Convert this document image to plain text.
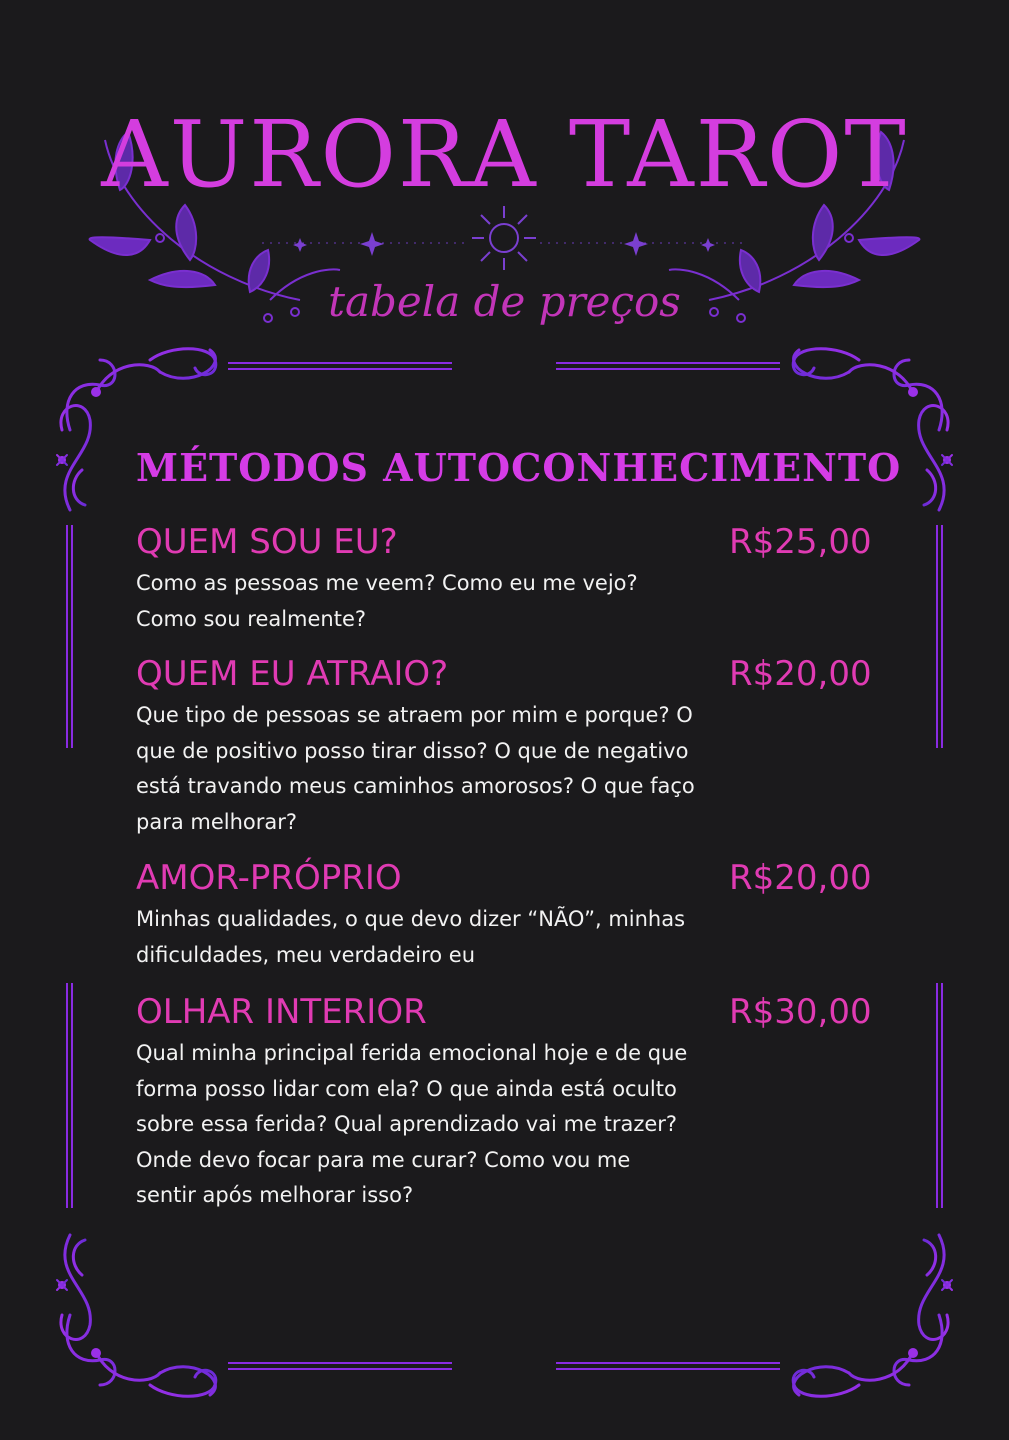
AURORA TAROT
tabela de preços
MÉTODOS AUTOCONHECIMENTO
QUEM SOU EU?	R$25,00

Como as pessoas me veem? Como eu me vejo? Como sou realmente?

QUEM EU ATRAIO?	R$20,00

Que tipo de pessoas se atraem por mim e porque? O que de positivo posso tirar disso? O que de negativo está travando meus caminhos amorosos? O que faço para melhorar?

AMOR-PRÓPRIO	R$20,00

Minhas qualidades, o que devo dizer “NÃO”, minhas dificuldades, meu verdadeiro eu

OLHAR INTERIOR	R$30,00

Qual minha principal ferida emocional hoje e de que forma posso lidar com ela? O que ainda está oculto sobre essa ferida? Qual aprendizado vai me trazer? Onde devo focar para me curar? Como vou me sentir após melhorar isso?
